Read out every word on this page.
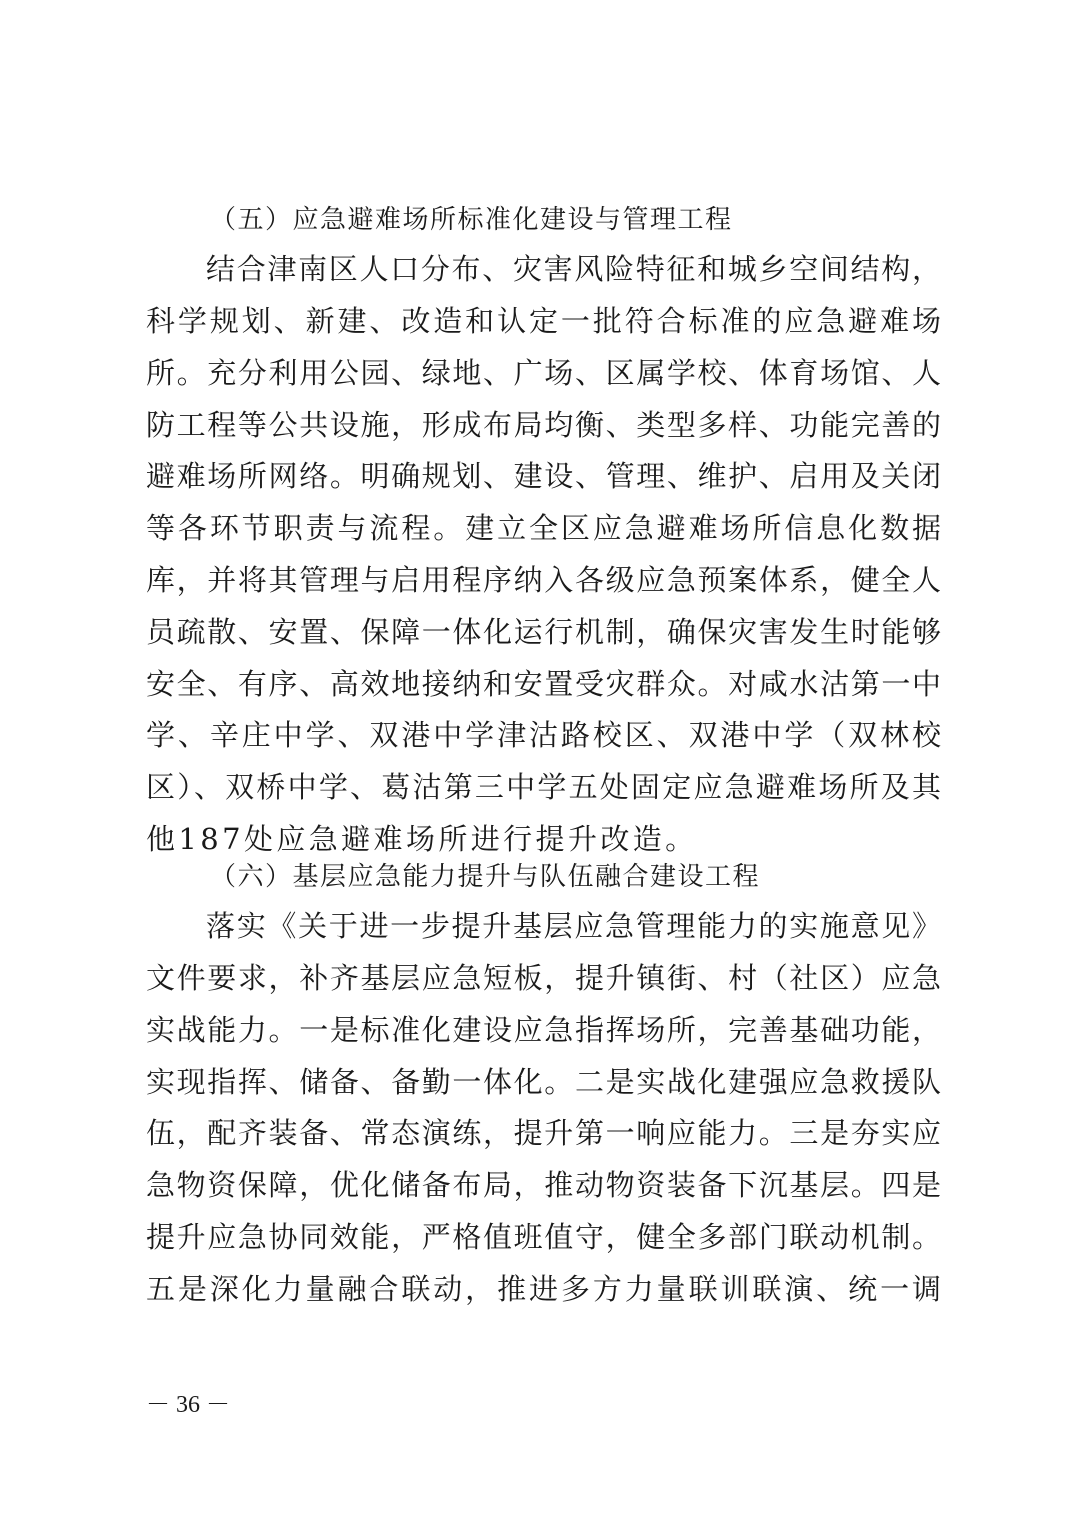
（五）应急避难场所标准化建设与管理工程
结合津南区人口分布、灾害风险特征和城乡空间结构，
科学规划、新建、改造和认定一批符合标准的应急避难场
所。充分利用公园、绿地、广场、区属学校、体育场馆、人
防工程等公共设施，形成布局均衡、类型多样、功能完善的
避难场所网络。明确规划、建设、管理、维护、启用及关闭
等各环节职责与流程。建立全区应急避难场所信息化数据
库，并将其管理与启用程序纳入各级应急预案体系，健全人
员疏散、安置、保障一体化运行机制，确保灾害发生时能够
安全、有序、高效地接纳和安置受灾群众。对咸水沽第一中
学、辛庄中学、双港中学津沽路校区、双港中学（双林校
区）、双桥中学、葛沽第三中学五处固定应急避难场所及其
他187处应急避难场所进行提升改造。
（六）基层应急能力提升与队伍融合建设工程
落实《关于进一步提升基层应急管理能力的实施意见》
文件要求，补齐基层应急短板，提升镇街、村（社区）应急
实战能力。一是标准化建设应急指挥场所，完善基础功能，
实现指挥、储备、备勤一体化。二是实战化建强应急救援队
伍，配齐装备、常态演练，提升第一响应能力。三是夯实应
急物资保障，优化储备布局，推动物资装备下沉基层。四是
提升应急协同效能，严格值班值守，健全多部门联动机制。
五是深化力量融合联动，推进多方力量联训联演、统一调
－ 36 －
